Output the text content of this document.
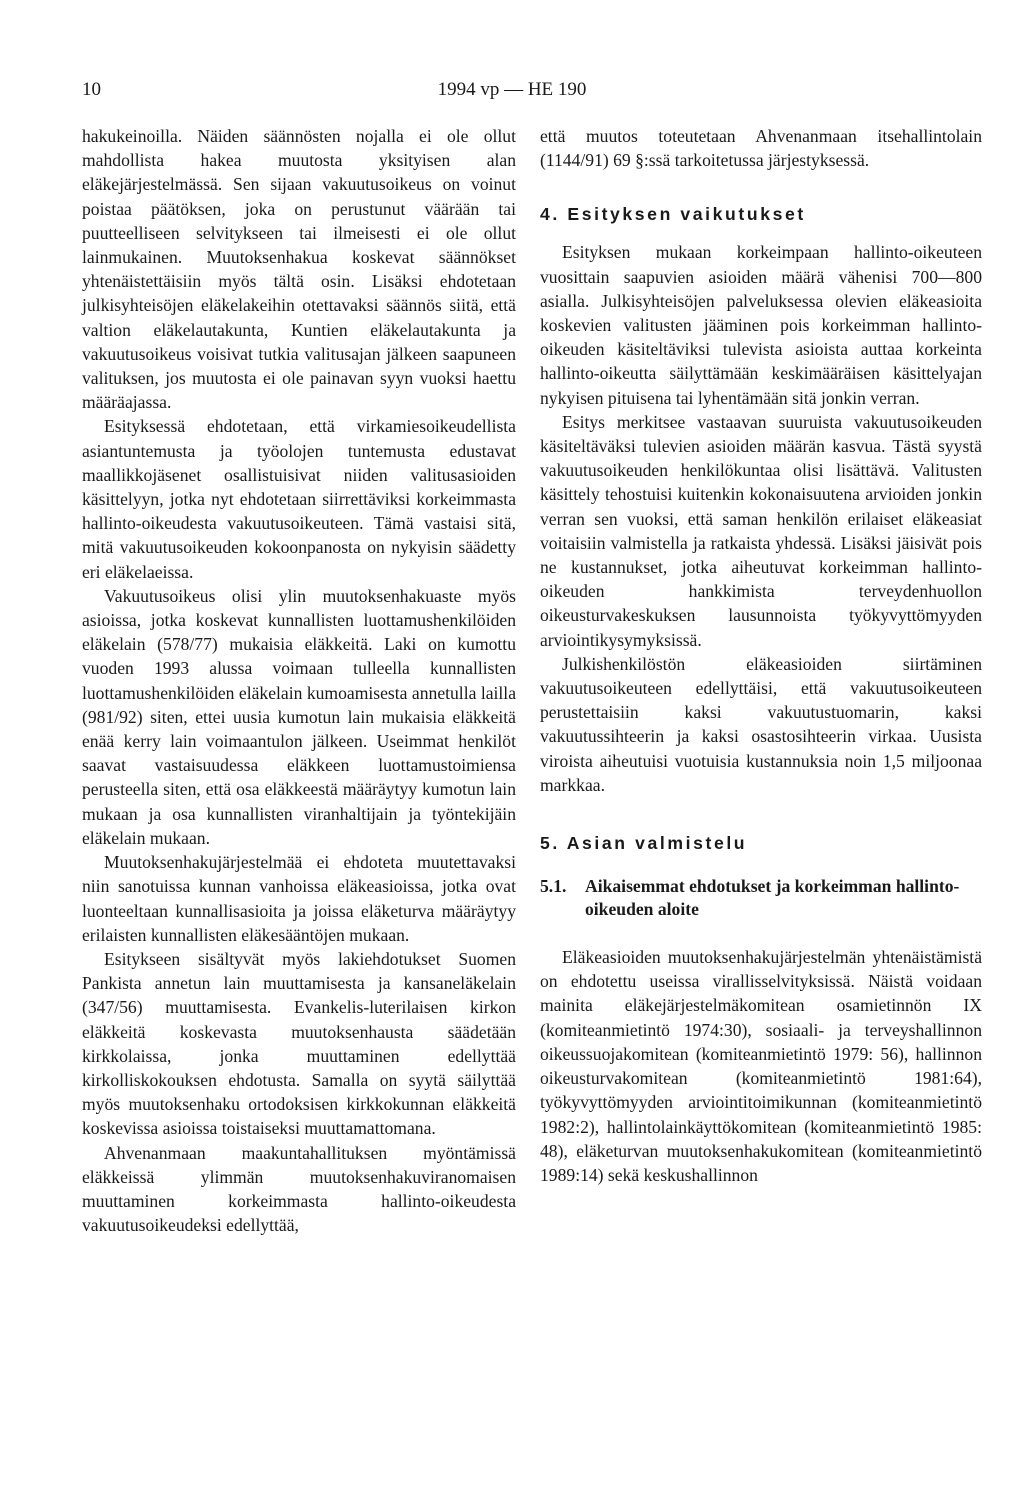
10	1994 vp — HE 190

hakukeinoilla. Näiden säännösten nojalla ei ole ollut mahdollista hakea muutosta yksityisen alan eläkejärjestelmässä. Sen sijaan vakuutusoikeus on voinut poistaa päätöksen, joka on perustunut väärään tai puutteelliseen selvitykseen tai ilmeisesti ei ole ollut lainmukainen. Muutoksenhakua koskevat säännökset yhtenäistettäisiin myös tältä osin. Lisäksi ehdotetaan julkisyhteisöjen eläkelakeihin otettavaksi säännös siitä, että valtion eläkelautakunta, Kuntien eläkelautakunta ja vakuutusoikeus voisivat tutkia valitusajan jälkeen saapuneen valituksen, jos muutosta ei ole painavan syyn vuoksi haettu määräajassa.

Esityksessä ehdotetaan, että virkamiesoikeudellista asiantuntemusta ja työolojen tuntemusta edustavat maallikkojäsenet osallistuisivat niiden valitusasioiden käsittelyyn, jotka nyt ehdotetaan siirrettäviksi korkeimmasta hallinto-oikeudesta vakuutusoikeuteen. Tämä vastaisi sitä, mitä vakuutusoikeuden kokoonpanosta on nykyisin säädetty eri eläkelaeissa.

Vakuutusoikeus olisi ylin muutoksenhakuaste myös asioissa, jotka koskevat kunnallisten luottamushenkilöiden eläkelain (578/77) mukaisia eläkkeitä. Laki on kumottu vuoden 1993 alussa voimaan tulleella kunnallisten luottamushenkilöiden eläkelain kumoamisesta annetulla lailla (981/92) siten, ettei uusia kumotun lain mukaisia eläkkeitä enää kerry lain voimaantulon jälkeen. Useimmat henkilöt saavat vastaisuudessa eläkkeen luottamustoimiensa perusteella siten, että osa eläkkeestä määräytyy kumotun lain mukaan ja osa kunnallisten viranhaltijain ja työntekijäin eläkelain mukaan.

Muutoksenhakujärjestelmää ei ehdoteta muutettavaksi niin sanotuissa kunnan vanhoissa eläkeasioissa, jotka ovat luonteeltaan kunnallisasioita ja joissa eläketurva määräytyy erilaisten kunnallisten eläkesääntöjen mukaan.

Esitykseen sisältyvät myös lakiehdotukset Suomen Pankista annetun lain muuttamisesta ja kansaneläkelain (347/56) muuttamisesta. Evankelis-luterilaisen kirkon eläkkeitä koskevasta muutoksenhausta säädetään kirkkolaissa, jonka muuttaminen edellyttää kirkolliskokouksen ehdotusta. Samalla on syytä säilyttää myös muutoksenhaku ortodoksisen kirkkokunnan eläkkeitä koskevissa asioissa toistaiseksi muuttamattomana.

Ahvenanmaan maakuntahallituksen myöntämissä eläkkeissä ylimmän muutoksenhakuviranomaisen muuttaminen korkeimmasta hallinto-oikeudesta vakuutusoikeudeksi edellyttää,

että muutos toteutetaan Ahvenanmaan itsehallintolain (1144/91) 69 §:ssä tarkoitetussa järjestyksessä.

4. Esityksen vaikutukset

Esityksen mukaan korkeimpaan hallinto-oikeuteen vuosittain saapuvien asioiden määrä vähenisi 700—800 asialla. Julkisyhteisöjen palveluksessa olevien eläkeasioita koskevien valitusten jääminen pois korkeimman hallinto-oikeuden käsiteltäviksi tulevista asioista auttaa korkeinta hallinto-oikeutta säilyttämään keskimääräisen käsittelyajan nykyisen pituisena tai lyhentämään sitä jonkin verran.

Esitys merkitsee vastaavan suuruista vakuutusoikeuden käsiteltäväksi tulevien asioiden määrän kasvua. Tästä syystä vakuutusoikeuden henkilökuntaa olisi lisättävä. Valitusten käsittely tehostuisi kuitenkin kokonaisuutena arvioiden jonkin verran sen vuoksi, että saman henkilön erilaiset eläkeasiat voitaisiin valmistella ja ratkaista yhdessä. Lisäksi jäisivät pois ne kustannukset, jotka aiheutuvat korkeimman hallinto-oikeuden hankkimista terveydenhuollon oikeusturvakeskuksen lausunnoista työkyvyttömyyden arviointikysymyksissä.

Julkishenkilöstön eläkeasioiden siirtäminen vakuutusoikeuteen edellyttäisi, että vakuutusoikeuteen perustettaisiin kaksi vakuutustuomarin, kaksi vakuutussihteerin ja kaksi osastosihteerin virkaa. Uusista viroista aiheutuisi vuotuisia kustannuksia noin 1,5 miljoonaa markkaa.

5. Asian valmistelu
5.1.	Aikaisemmat ehdotukset ja korkeimman hallinto-oikeuden aloite

Eläkeasioiden muutoksenhakujärjestelmän yhtenäistämistä on ehdotettu useissa virallisselvityksissä. Näistä voidaan mainita eläkejärjestelmäkomitean osamietinnön IX (komiteanmietintö 1974:30), sosiaali- ja terveyshallinnon oikeussuojakomitean (komiteanmietintö 1979: 56), hallinnon oikeusturvakomitean (komiteanmietintö 1981:64), työkyvyttömyyden arviointitoimikunnan (komiteanmietintö 1982:2), hallintolainkäyttökomitean (komiteanmietintö 1985: 48), eläketurvan muutoksenhakukomitean (komiteanmietintö 1989:14) sekä keskushallinnon
